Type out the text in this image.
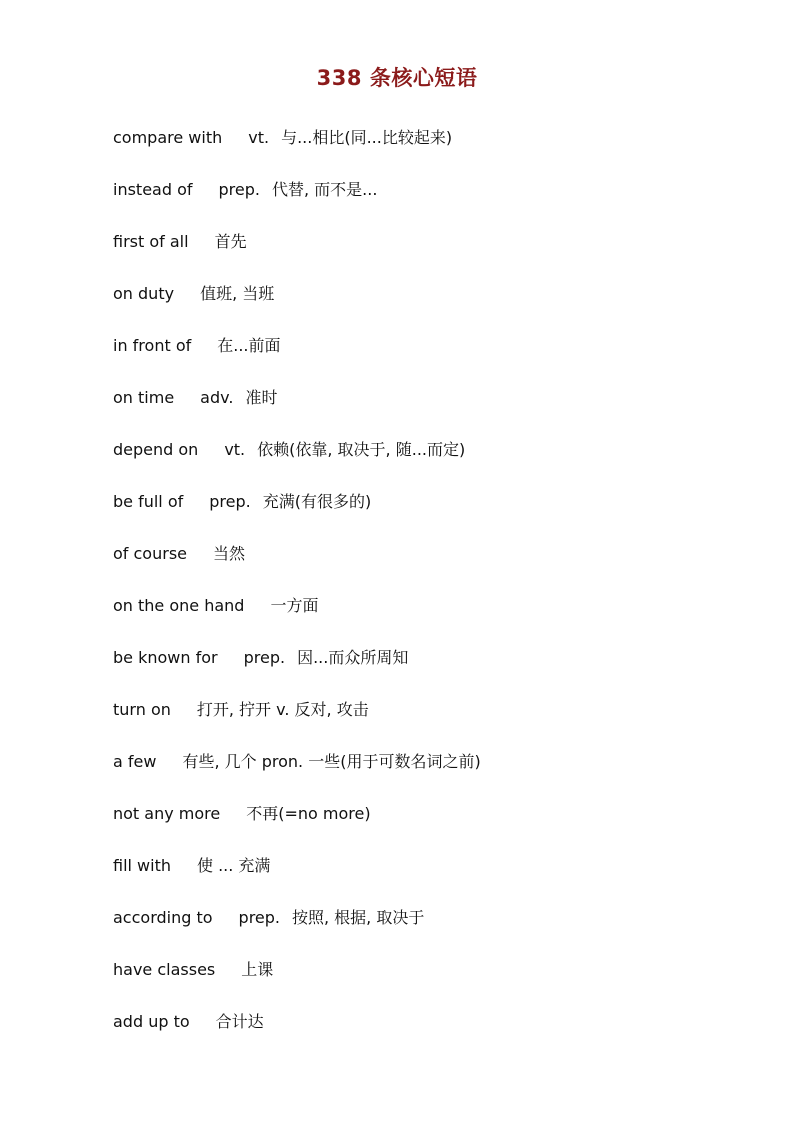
338 条核心短语
compare with vt. 与...相比(同...比较起来)
instead of prep. 代替, 而不是...
first of all 首先
on duty 值班, 当班
in front of 在...前面
on time adv. 准时
depend on vt. 依赖(依靠, 取决于, 随...而定)
be full of prep. 充满(有很多的)
of course 当然
on the one hand 一方面
be known for prep. 因...而众所周知
turn on 打开, 拧开 v. 反对, 攻击
a few 有些, 几个 pron. 一些(用于可数名词之前)
not any more 不再(=no more)
fill with 使 ... 充满
according to prep. 按照, 根据, 取决于
have classes 上课
add up to 合计达
